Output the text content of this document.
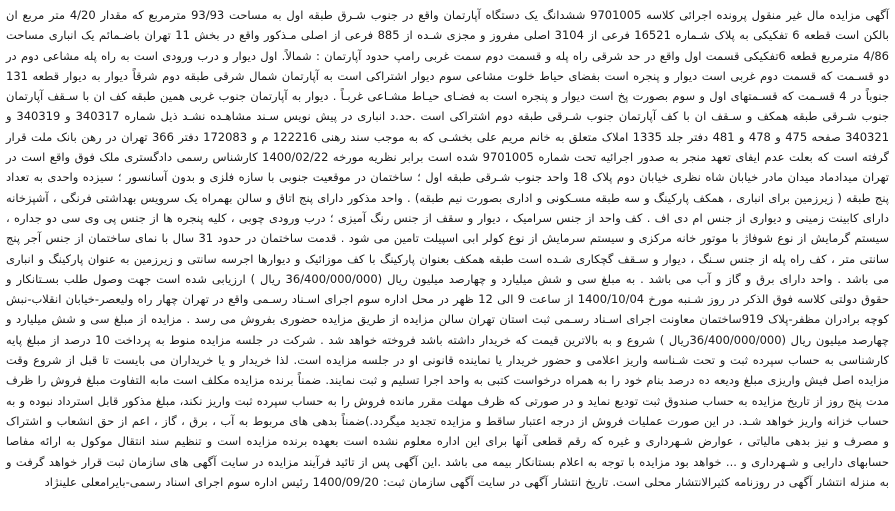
آگهی مزایده مال غیر منقول پرونده اجرائی کلاسه 9701005 ششدانگ یک دستگاه آپارتمان واقع در جنوب شـرق طبقه اول به مساحت 93/93 مترمربع که مقدار 4/20 متر مربع ان بالکن است قطعه 6 تفکیکی به پلاک شـماره 16521 فرعی از 3104 اصلی مفروز و مجزی شـده از 885 فرعی از اصلی مـذکور واقع در بخش 11 تهران باضـمائم یک انباری مساحت 4/86 مترمربع قطعه 6تفکیکی قسمت اول واقع در حد شرقی راه پله و قسمت دوم سمت غربی رامپ حدود آپارتمان : شمالاً. اول دیوار و درب ورودی است به راه پله مشاعی دوم در دو قسـمت که قسمت دوم غربی است دیوار و پنجره است بفضای حیاط خلوت مشاعی سوم دیوار اشتراکی است به آپارتمان شمال شرقی طبقه دوم شرقاً دیوار به دیوار قطعه 131 جنوباً در 4 قسـمت که قسـمتهای اول و سوم بصورت پخ است دیوار و پنجره است به فضـای حیـاط مشـاعی غربـاً . دیوار به آپارتمان جنوب غربی همین طبقه کف ان با سـقف آپارتمان جنوب شـرقی طبقه همکف و سـقف ان با کف آپارتمان جنوب شـرقی طبقه دوم اشتراکی است .حد.د انباری در پیش نویس سـند مشاهـده نشـد ذیل شماره 340317 و 340319 و 340321 صفحه 475 و 478 و 481 دفتر جلد 1335 املاک متعلق به خانم مریم علی بخشـی که به موجب سند رهنی 122216 م و 172083 دفتر 366 تهران در رهن بانک ملت قرار گرفته است که بعلت عدم ایفای تعهد منجر به صدور اجرائیه تحت شماره 9701005 شده است برابر نظریه مورخه 1400/02/22 کارشناس رسمی دادگستری ملک فوق واقع است در تهران میدادماد میدان مادر خیابان شاه نظری خیابان دوم پلاک 18 واحد جنوب شـرقی طبقه اول ؛ ساختمان در موقعیت جنوبی با سازه فلزی و بدون آسانسور ؛ سیزده واحدی به تعداد پنج طبقه ( زیرزمین برای انباری ، همکف پارکینگ و سه طبقه مسـکونی و اداری بصورت نیم طبقه) . واحد مذکور دارای پنج اتاق و سالن بهمراه یک سرویس بهداشتی فرنگی ، آشپزخانه دارای کابینت زمینی و دیواری از جنس ام دی اف . کف واحد از جنس سرامیک ، دیوار و سقف از جنس رنگ آمیزی ؛ درب ورودی چوبی ، کلیه پنجره ها از جنس پی وی سی دو جداره ، سیستم گرمایش از نوع شوفاژ با موتور خانه مرکزی و سیستم سرمایش از نوع کولر ابی اسپیلت تامین می شود . قدمت ساختمان در حدود 31 سال با نمای ساختمان از جنس آجر پنج سانتی متر ، کف راه پله از جنس سـنگ ، دیوار و سـقف گچکاری شـده است طبقه همکف بعنوان پارکینگ با کف موزائیک و دیوارها اجرسه سانتی و زیرزمین به عنوان پارکینگ و انباری می باشد . واحد دارای برق و گاز و آب می باشد . به مبلغ سی و شش میلیارد و چهارصد میلیون ریال (36/400/000/000 ریال ) ارزیابی شده است جهت وصول طلب بسـتانکار و حقوق دولتی کلاسه فوق الذکر در روز شـنبه مورخ 1400/10/04 از ساعت 9 الی 12 ظهر در محل اداره سوم اجرای اسـناد رسـمی واقع در تهران چهار راه ولیعصر-خیابان انقلاب-نبش کوچه برادران مظفر-پلاک 919ساختمان معاونت اجرای اسـناد رسـمی ثبت استان تهران سالن مزایده از طریق مزایده حضوری بفروش می رسد . مزایده از مبلغ سی و شش میلیارد و چهارصد میلیون ریال (36/400/000/000ریال ) شروع و به بالاترین قیمت که خریدار داشته باشد فروخته خواهد شد . شرکت در جلسه مزایده منوط به پرداخت 10 درصد از مبلغ پایه کارشناسی به حساب سپرده ثبت و تحت شـناسه واریز اعلامی و حضور خریدار یا نماینده قانونی او در جلسه مزایده است. لذا خریدار و یا خریداران می بایست تا قبل از شروع وقت مزایده اصل فیش واریزی مبلغ ودیعه ده درصد بنام خود را به همراه درخواست کتبی به واحد اجرا تسلیم و ثبت نمایند. ضمناً برنده مزایده مکلف است مابه التفاوت مبلغ فروش را ظرف مدت پنج روز از تاریخ مزایده به حساب صندوق ثبت تودیع نماید و در صورتی که ظرف مهلت مقرر مانده فروش را به حساب سپرده ثبت واریز نکند، مبلغ مذکور قابل استرداد نبوده و به حساب خزانه واریز خواهد شـد. در این صورت عملیات فروش از درجه اعتبار ساقط و مزایده تجدید میگردد.)ضمناً بدهی های مربوط به آب ، برق ، گاز ، اعم از حق انشعاب و اشتراک و مصرف و نیز بدهی مالیاتی ، عوارض شـهرداری و غیره که رقم قطعی آنها برای این اداره معلوم نشده است بعهده برنده مزایده است و تنظیم سند انتقال موکول به ارائه مفاصا حسابهای دارایی و شـهرداری و ... خواهد بود مزایده با توجه به اعلام بستانکار بیمه می باشد .این آگهی پس از تائید فرآیند مزایده در سایت آگهی های سازمان ثبت قرار خواهد گرفت و به منزله انتشار آگهی در روزنامه کثیرالانتشار محلی است. تاریخ انتشار آگهی در سایت آگهی سازمان ثبت: 1400/09/20 رئیس اداره سوم اجرای اسناد رسمی-بایرامعلی علینژاد
